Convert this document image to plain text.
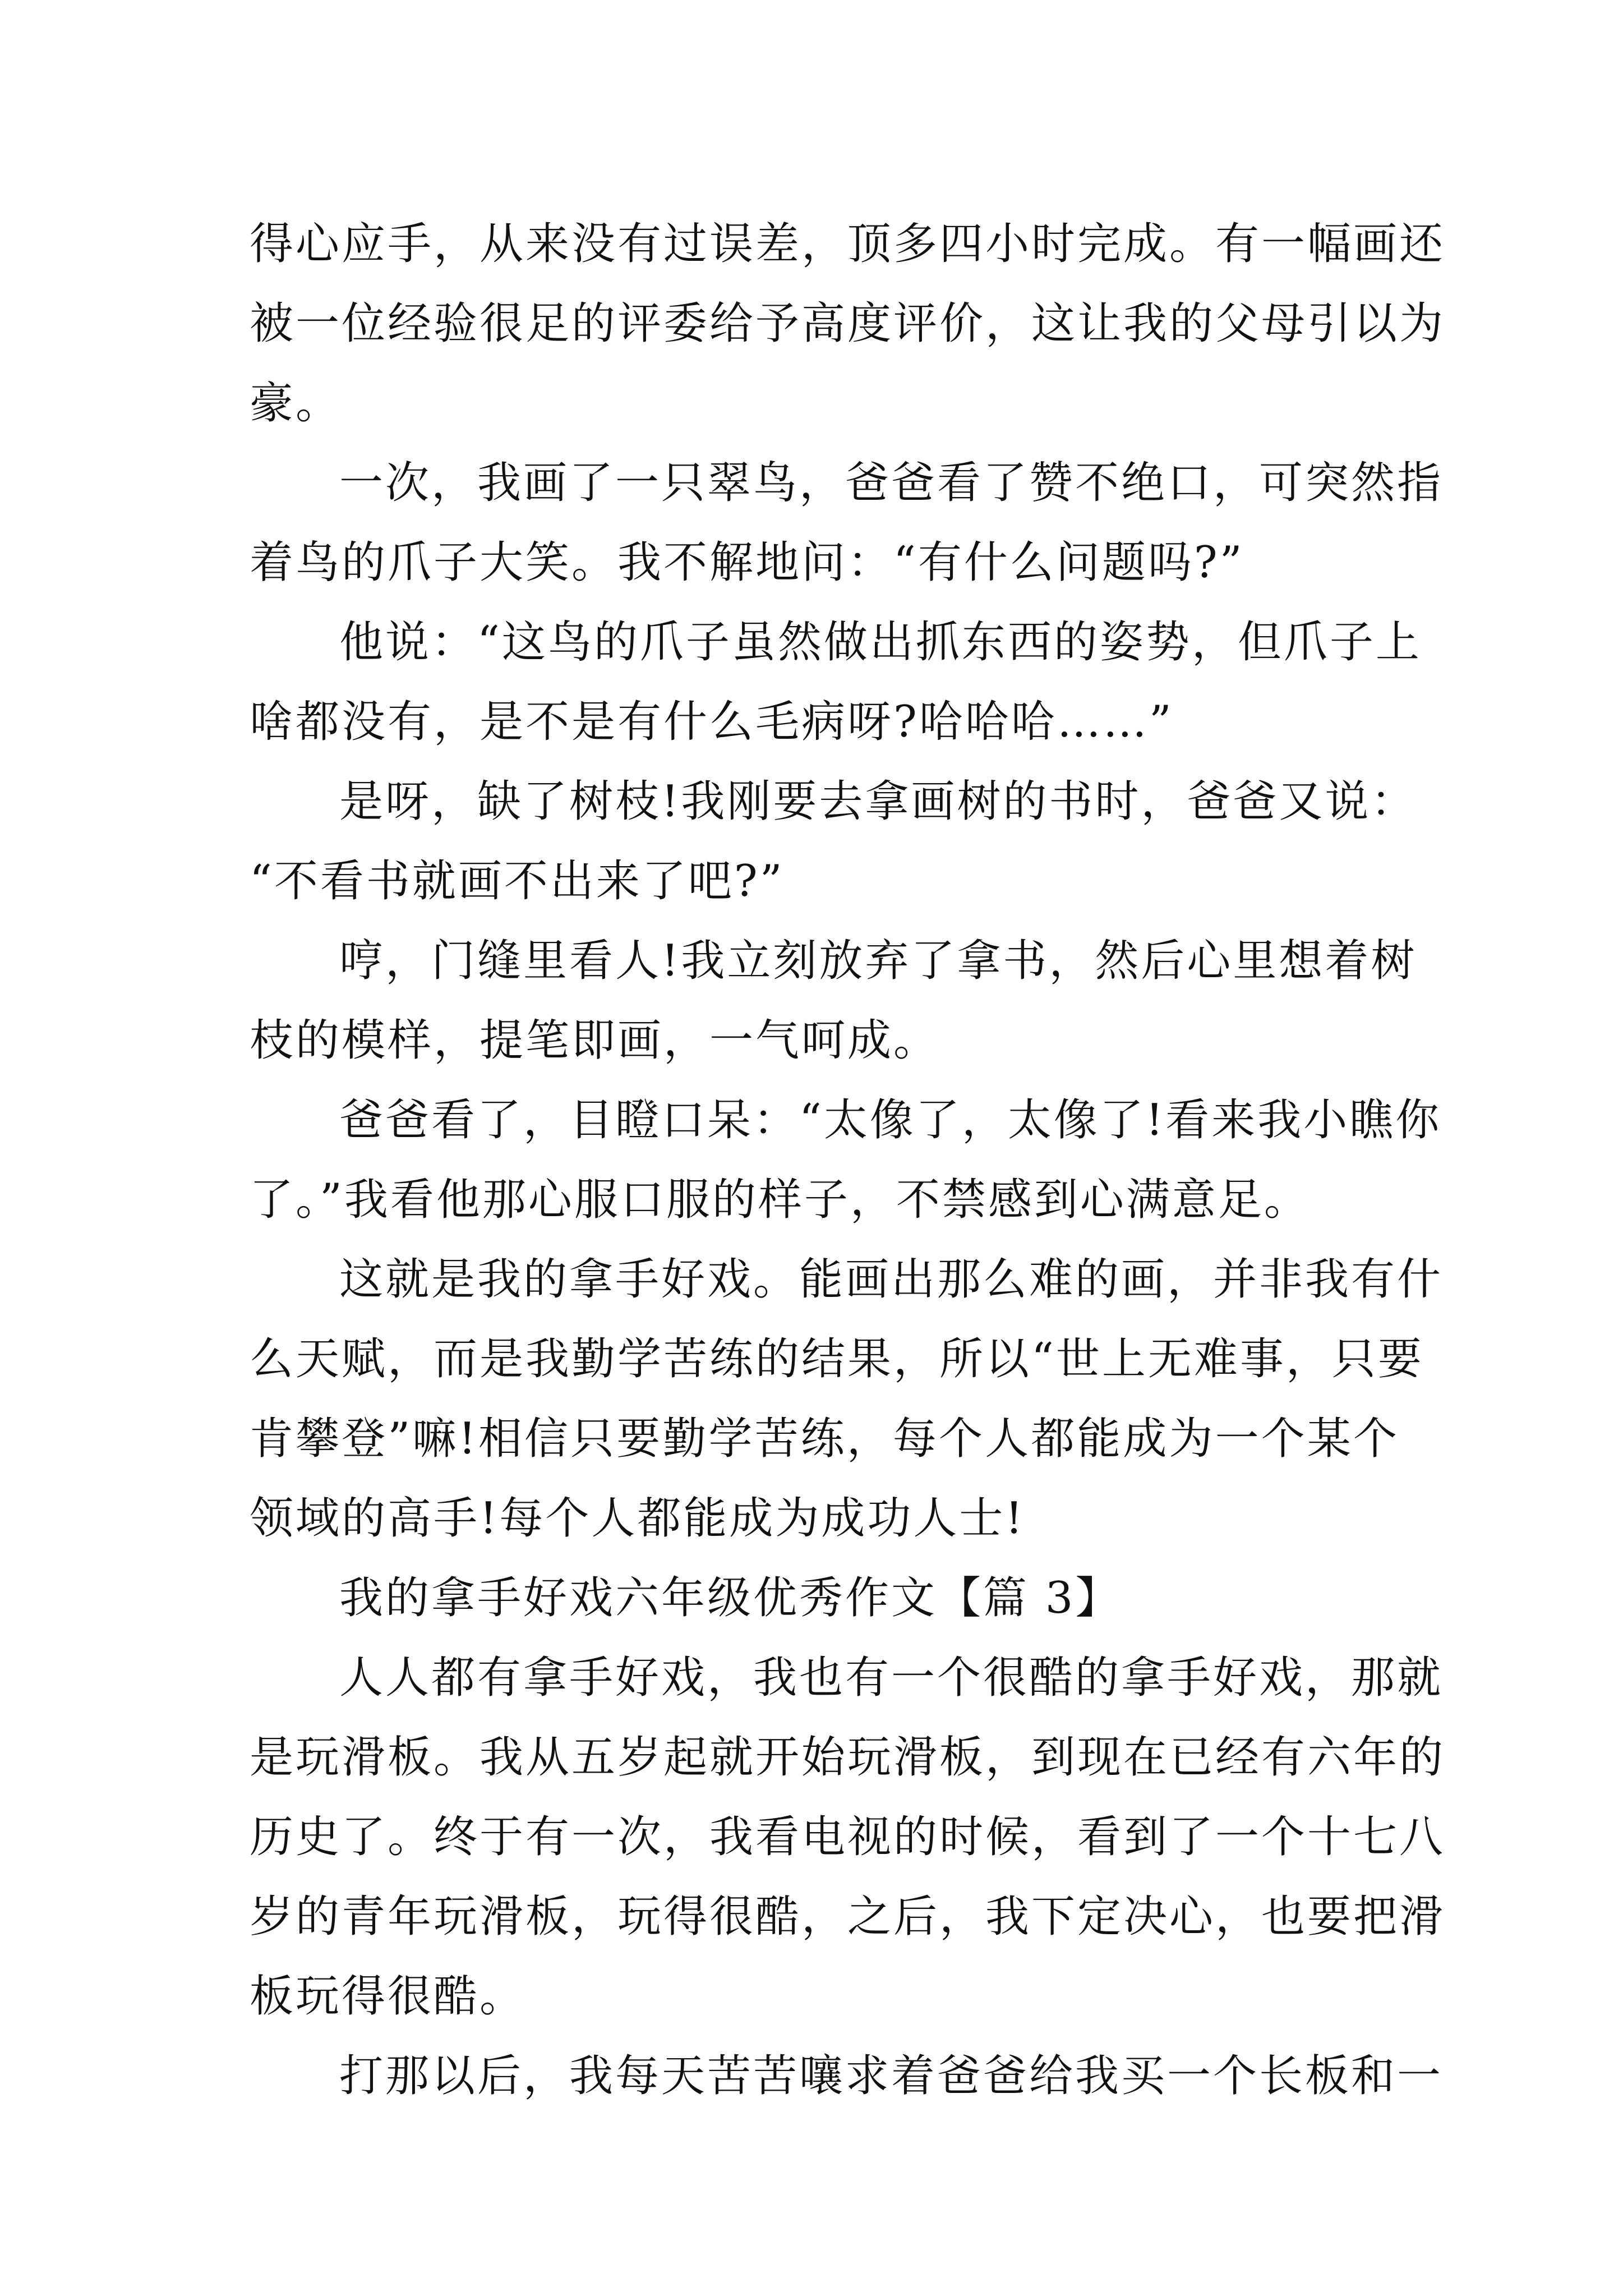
得心应手，从来没有过误差，顶多四小时完成。有一幅画还
被一位经验很足的评委给予高度评价，这让我的父母引以为
豪。
一次，我画了一只翠鸟，爸爸看了赞不绝口，可突然指
着鸟的爪子大笑。我不解地问：“有什么问题吗?”
他说：“这鸟的爪子虽然做出抓东西的姿势，但爪子上
啥都没有，是不是有什么毛病呀?哈哈哈……”
是呀，缺了树枝!我刚要去拿画树的书时，爸爸又说：
“不看书就画不出来了吧?”
哼，门缝里看人!我立刻放弃了拿书，然后心里想着树
枝的模样，提笔即画，一气呵成。
爸爸看了，目瞪口呆：“太像了，太像了!看来我小瞧你
了。”我看他那心服口服的样子，不禁感到心满意足。
这就是我的拿手好戏。能画出那么难的画，并非我有什
么天赋，而是我勤学苦练的结果，所以“世上无难事，只要
肯攀登”嘛!相信只要勤学苦练，每个人都能成为一个某个
领域的高手!每个人都能成为成功人士!
我的拿手好戏六年级优秀作文【篇 3】
人人都有拿手好戏，我也有一个很酷的拿手好戏，那就
是玩滑板。我从五岁起就开始玩滑板，到现在已经有六年的
历史了。终于有一次，我看电视的时候，看到了一个十七八
岁的青年玩滑板，玩得很酷，之后，我下定决心，也要把滑
板玩得很酷。
打那以后，我每天苦苦嚷求着爸爸给我买一个长板和一
